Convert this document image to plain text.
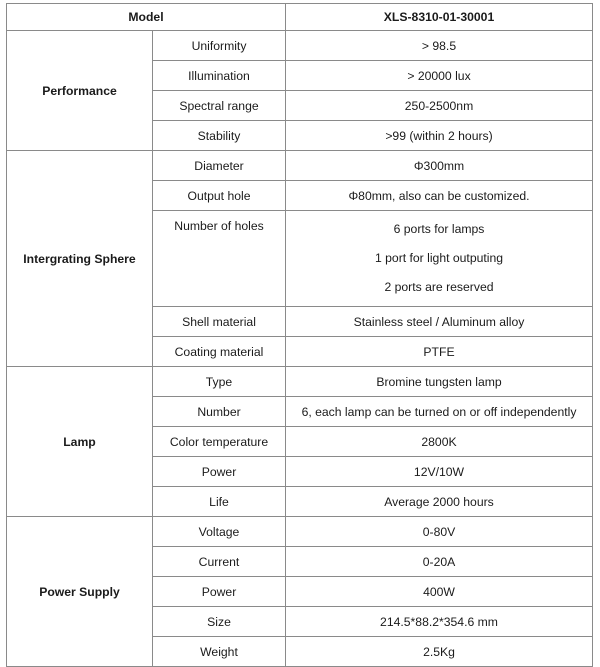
Model		XLS-8310-01-30001
Performance	Uniformity	> 98.5
	Illumination	> 20000 lux
	Spectral range	250-2500nm
	Stability	>99 (within 2 hours)
Intergrating Sphere	Diameter	Φ300mm
	Output hole	Φ80mm, also can be customized.
	Number of holes	6 ports for lamps
1 port for light outputing
2 ports are reserved

	Shell material	Stainless steel / Aluminum alloy
	Coating material	PTFE
Lamp	Type	Bromine tungsten lamp
	Number	6, each lamp can be turned on or off independently
	Color temperature	2800K
	Power	12V/10W
	Life	Average 2000 hours
Power Supply	Voltage	0-80V
	Current	0-20A
	Power	400W
	Size	214.5*88.2*354.6 mm
	Weight	2.5Kg
